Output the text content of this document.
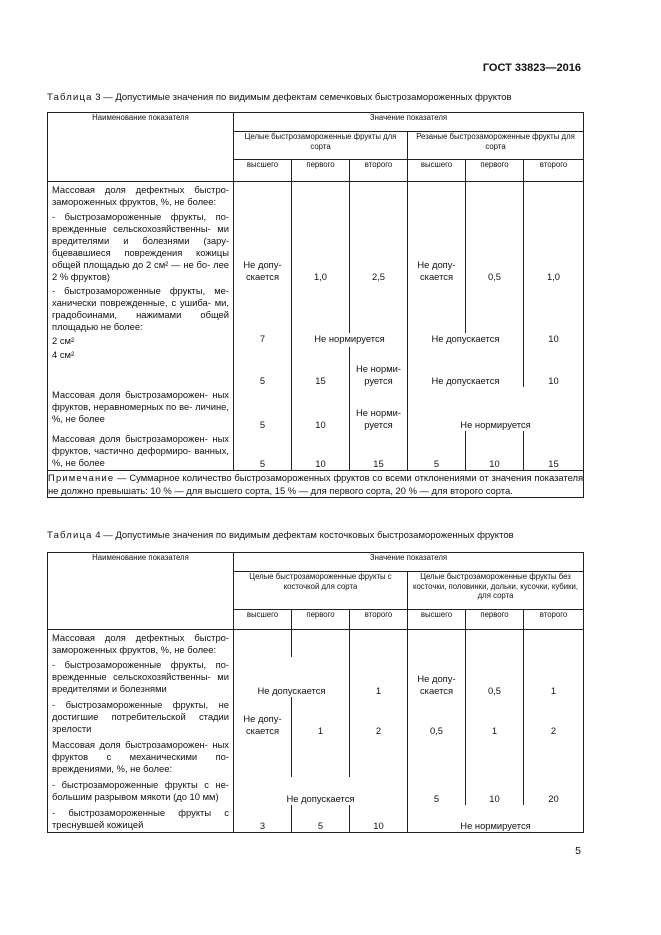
ГОСТ 33823—2016
Таблица 3 — Допустимые значения по видимым дефектам семечковых быстрозамороженных фруктов
Наименование показателя	Значение показателя					
	Целые быстрозамороженные фрукты для сорта			Резаные быстрозамороженные фрукты для сорта		
	высшего	первого	второго	высшего	первого	второго
Массовая доля дефектных быстро- замороженных фруктов, %, не более:						
- быстрозамороженные фрукты, по- врежденные сельскохозяйственны- ми вредителями и болезнями (зару- бцевавшиеся повреждения кожицы общей площадью до 2 см² — не бо- лее 2 % фруктов)	Не допу- скается	1,0	2,5	Не допу- скается	0,5	1,0
- быстрозамороженные фрукты, ме- ханически поврежденные, с ушиба- ми, градобоинами, нажимами общей площадью не более:						
2 см²	7	Не нормируется		Не допускается		10
4 см²	5	15	Не норми- руется	Не допускается		10
Массовая доля быстрозаморожен- ных фруктов, неравномерных по ве- личине, %, не более	5	10	Не норми- руется	Не нормируется		
Массовая доля быстрозаморожен- ных фруктов, частично деформиро- ванных, %, не более	5	10	15	5	10	15
Примечание — Суммарное количество быстрозамороженных фруктов со всеми отклонениями от значения показателя не должно превышать: 10 % — для высшего сорта, 15 % — для первого сорта, 20 % — для второго сорта.						
Таблица 4 — Допустимые значения по видимым дефектам косточковых быстрозамороженных фруктов
Наименование показателя	Значение показателя					
	Целые быстрозамороженные фрукты с косточкой для сорта			Целые быстрозамороженные фрукты без косточки, половинки, дольки, кусочки, кубики, для сорта		
	высшего	первого	второго	высшего	первого	второго
Массовая доля дефектных быстро- замороженных фруктов, %, не более:						
- быстрозамороженные фрукты, по- врежденные сельскохозяйственны- ми вредителями и болезнями	Не допускается		1	Не допу- скается	0,5	1
- быстрозамороженные фрукты, не достигшие потребительской стадии зрелости	Не допу- скается	1	2	0,5	1	2
Массовая доля быстрозаморожен- ных фруктов с механическими по- вреждениями, %, не более:						
- быстрозамороженные фрукты с не- большим разрывом мякоти (до 10 мм)	Не допускается			5	10	20
- быстрозамороженные фрукты с треснувшей кожицей	3	5	10	Не нормируется		
5
